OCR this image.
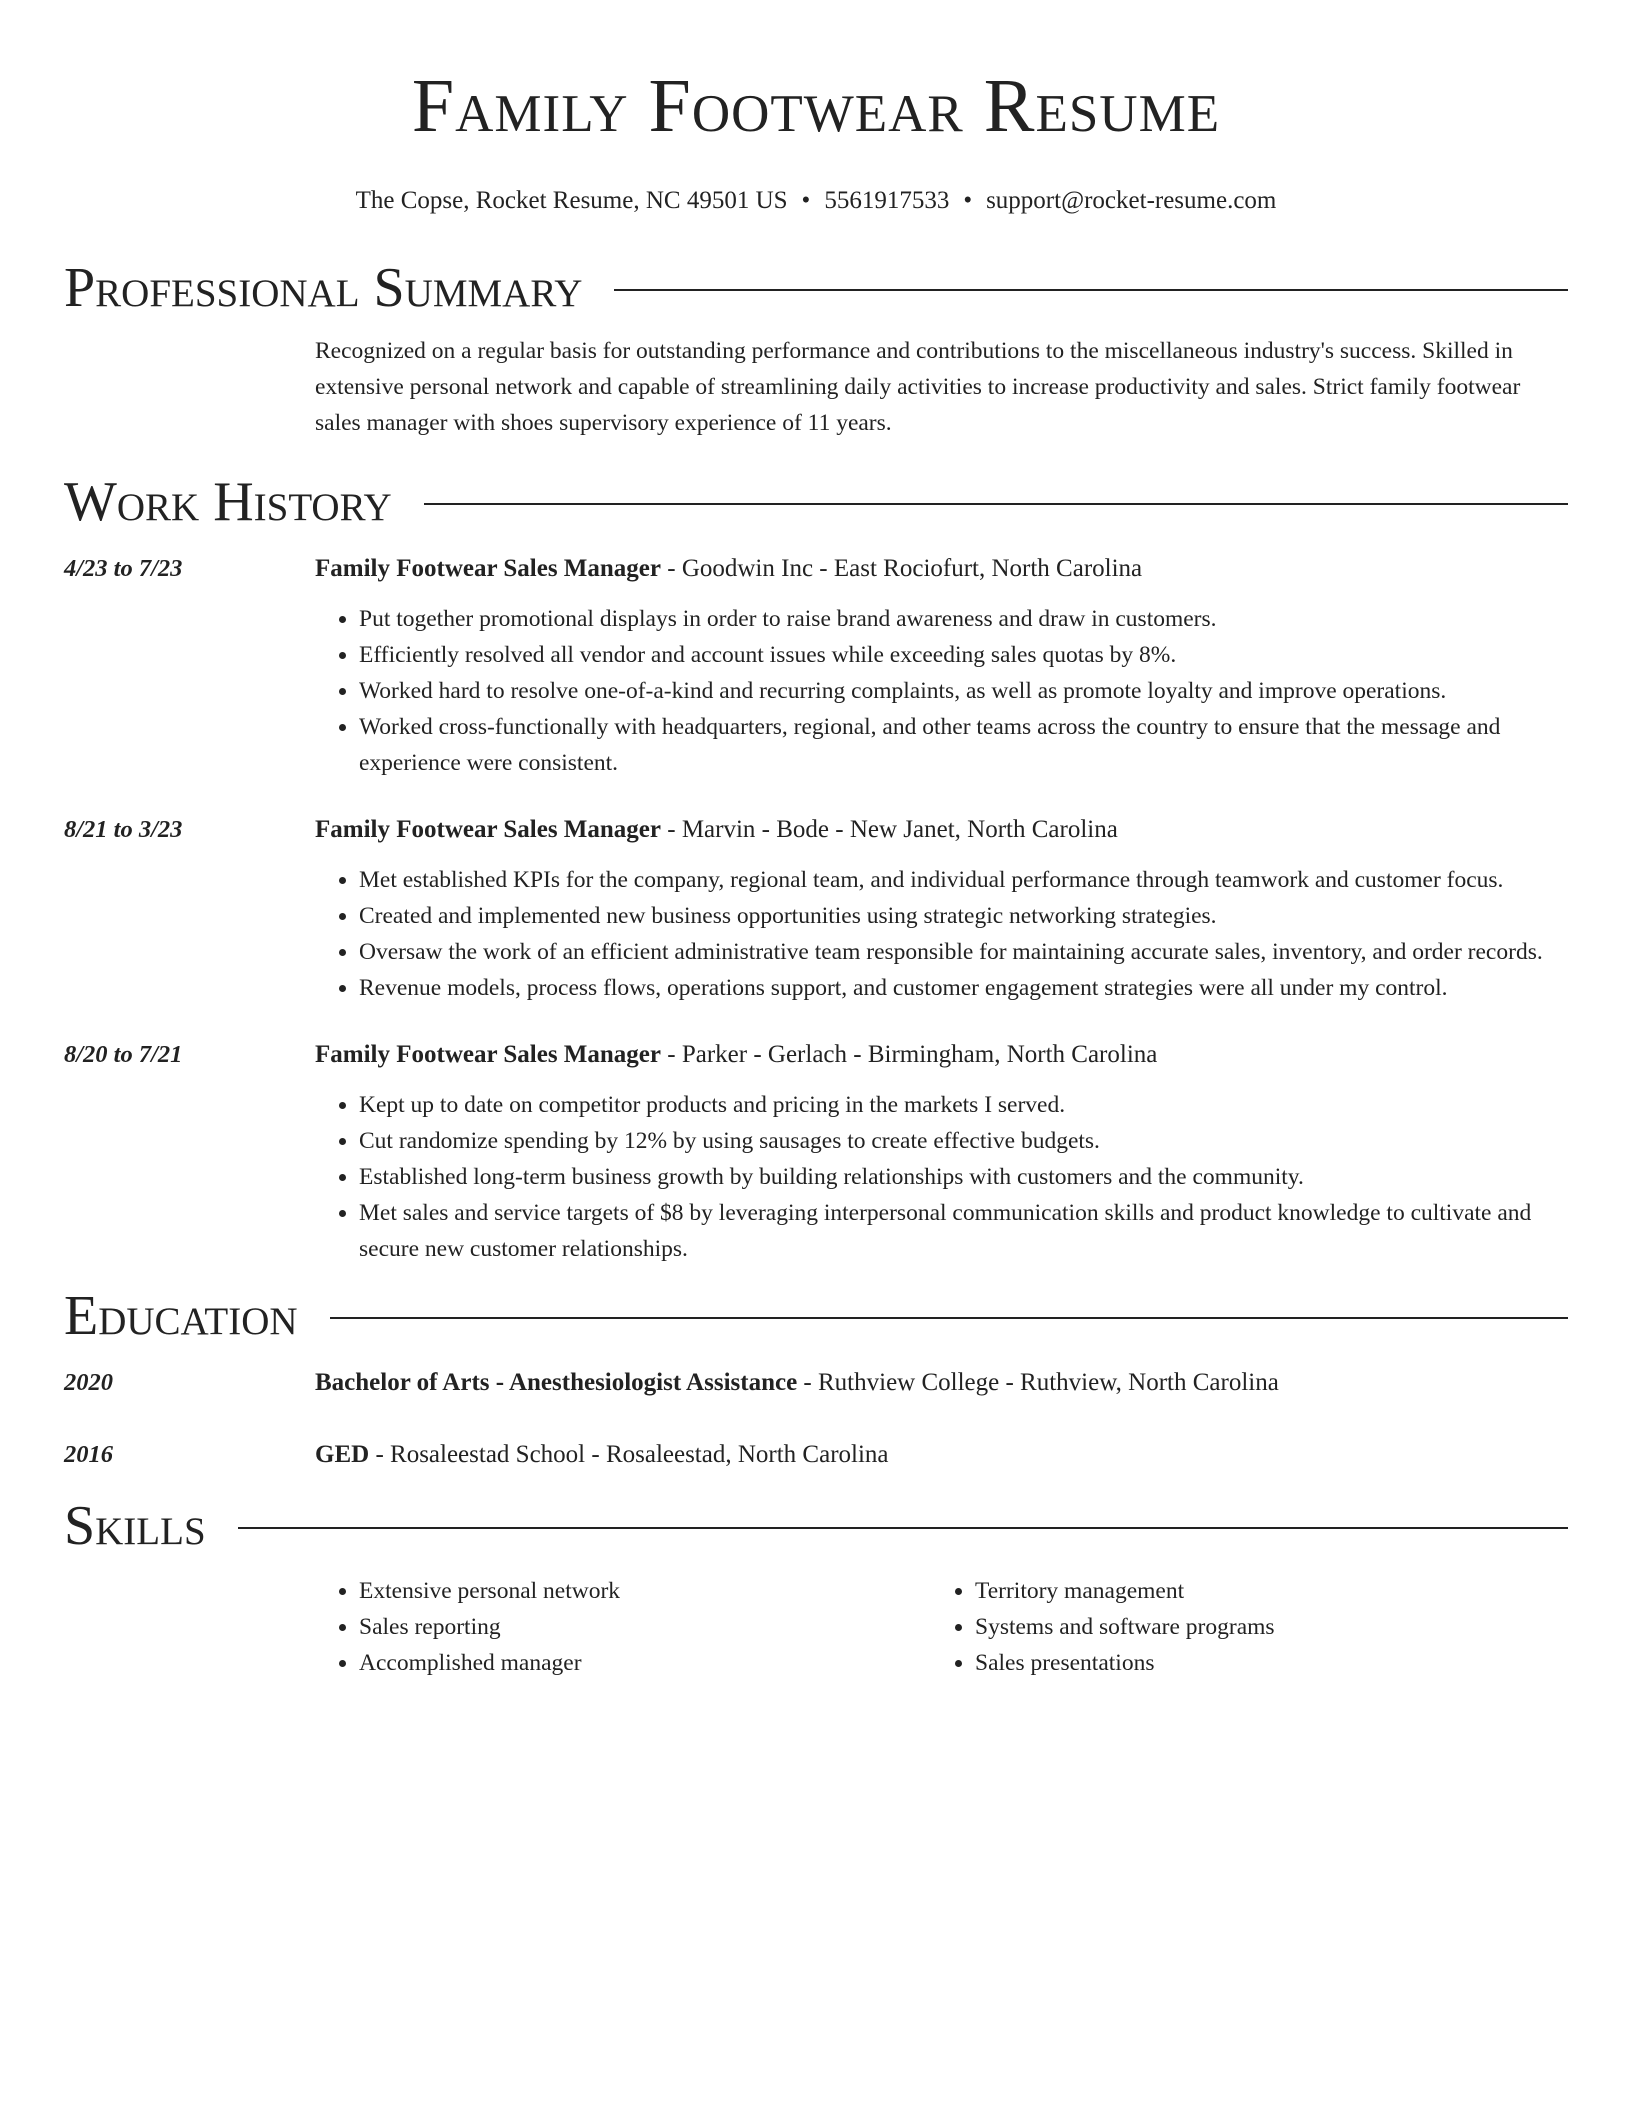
Family Footwear Resume
The Copse, Rocket Resume, NC 49501 US • 5561917533 • support@rocket-resume.com
Professional Summary

Recognized on a regular basis for outstanding performance and contributions to the miscellaneous industry's success. Skilled in extensive personal network and capable of streamlining daily activities to increase productivity and sales. Strict family footwear sales manager with shoes supervisory experience of 11 years.

Work History
4/23 to 7/23	Family Footwear Sales Manager - Goodwin Inc - East Rociofurt, North Carolina
• Put together promotional displays in order to raise brand awareness and draw in customers.
• Efficiently resolved all vendor and account issues while exceeding sales quotas by 8%.
• Worked hard to resolve one-of-a-kind and recurring complaints, as well as promote loyalty and improve operations.
• Worked cross-functionally with headquarters, regional, and other teams across the country to ensure that the message and experience were consistent.
8/21 to 3/23	Family Footwear Sales Manager - Marvin - Bode - New Janet, North Carolina
• Met established KPIs for the company, regional team, and individual performance through teamwork and customer focus.
• Created and implemented new business opportunities using strategic networking strategies.
• Oversaw the work of an efficient administrative team responsible for maintaining accurate sales, inventory, and order records.
• Revenue models, process flows, operations support, and customer engagement strategies were all under my control.
8/20 to 7/21	Family Footwear Sales Manager - Parker - Gerlach - Birmingham, North Carolina
• Kept up to date on competitor products and pricing in the markets I served.
• Cut randomize spending by 12% by using sausages to create effective budgets.
• Established long-term business growth by building relationships with customers and the community.
• Met sales and service targets of $8 by leveraging interpersonal communication skills and product knowledge to cultivate and secure new customer relationships.
Education
2020	Bachelor of Arts - Anesthesiologist Assistance - Ruthview College - Ruthview, North Carolina
2016	GED - Rosaleestad School - Rosaleestad, North Carolina
Skills
• Extensive personal network
• Sales reporting
• Accomplished manager
• Territory management
• Systems and software programs
• Sales presentations
